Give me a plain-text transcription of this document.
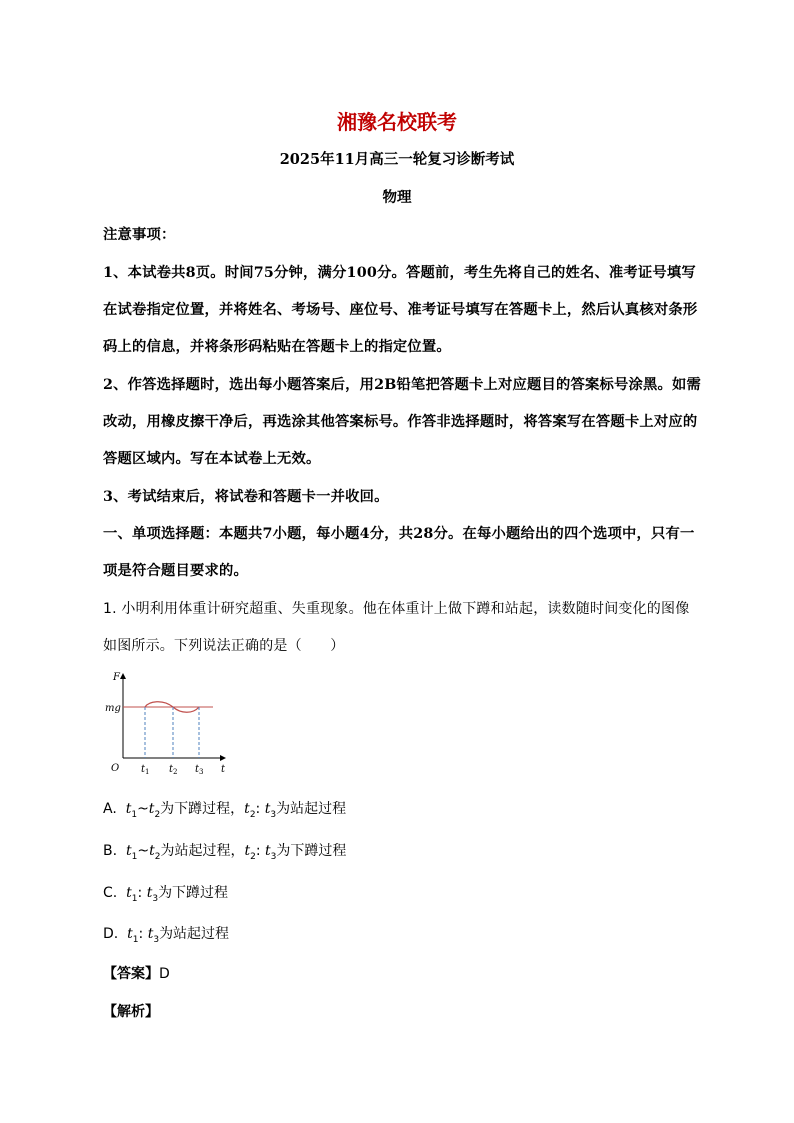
湘豫名校联考
2025年11月高三一轮复习诊断考试
物理
注意事项：
1、本试卷共8页。时间75分钟，满分100分。答题前，考生先将自己的姓名、准考证号填写
在试卷指定位置，并将姓名、考场号、座位号、准考证号填写在答题卡上，然后认真核对条形
码上的信息，并将条形码粘贴在答题卡上的指定位置。
2、作答选择题时，选出每小题答案后，用2B铅笔把答题卡上对应题目的答案标号涂黑。如需
改动，用橡皮擦干净后，再选涂其他答案标号。作答非选择题时，将答案写在答题卡上对应的
答题区域内。写在本试卷上无效。
3、考试结束后，将试卷和答题卡一并收回。
一、单项选择题：本题共7小题，每小题4分，共28分。在每小题给出的四个选项中，只有一
项是符合题目要求的。
1. 小明利用体重计研究超重、失重现象。他在体重计上做下蹲和站起，读数随时间变化的图像
如图所示。下列说法正确的是（　　）
F
mg
O $t_1$ $t_2$ $t_3$ t
A. $t_1\sim t_2$为下蹲过程，$t_2$: $t_3$为站起过程
B. $t_1\sim t_2$为站起过程，$t_2$: $t_3$为下蹲过程
C. $t_1$: $t_3$为下蹲过程
D. $t_1$: $t_3$为站起过程
【答案】D
【解析】
